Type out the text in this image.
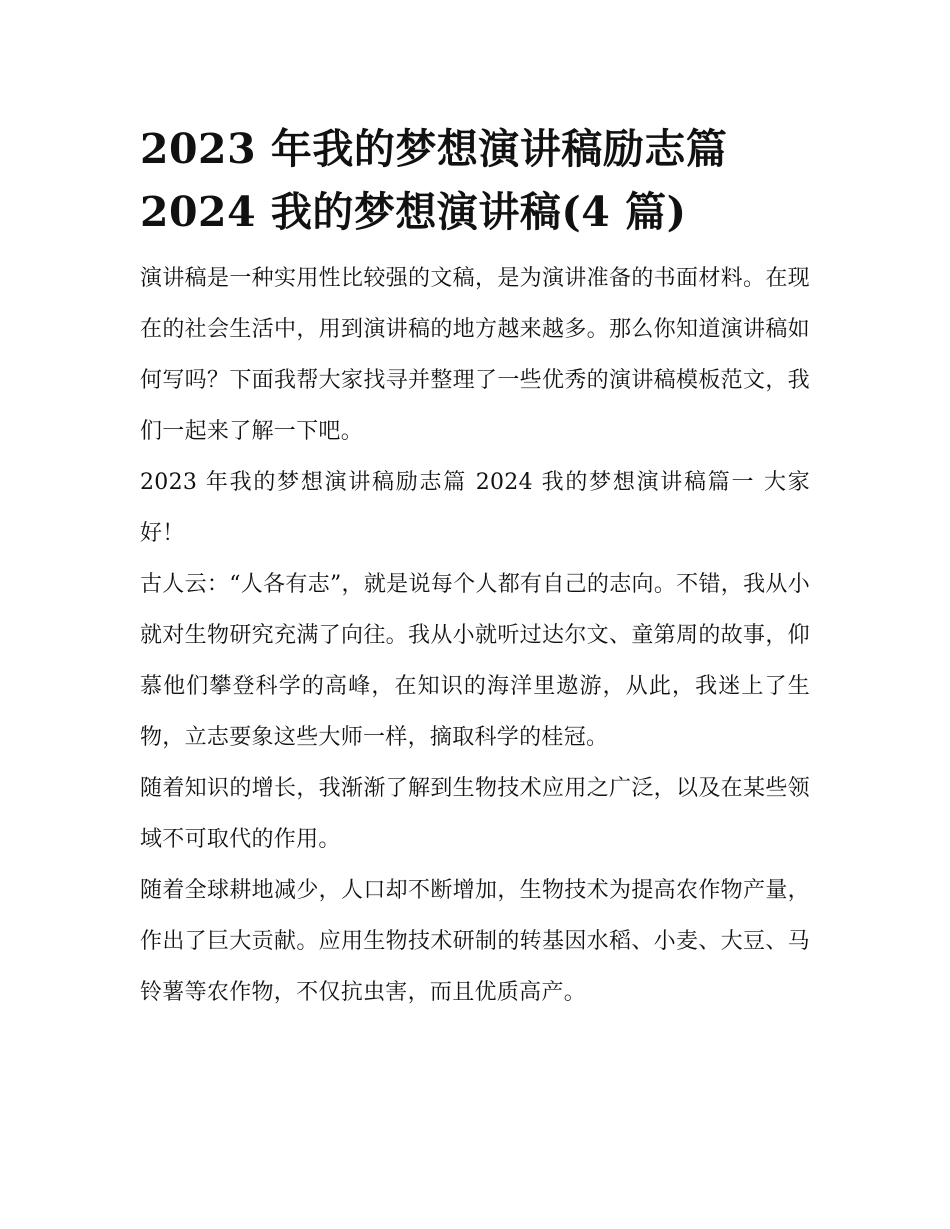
2023 年我的梦想演讲稿励志篇
2024 我的梦想演讲稿(4 篇)

演讲稿是一种实用性比较强的文稿，是为演讲准备的书面材料。在现在的社会生活中，用到演讲稿的地方越来越多。那么你知道演讲稿如何写吗？下面我帮大家找寻并整理了一些优秀的演讲稿模板范文，我们一起来了解一下吧。

2023 年我的梦想演讲稿励志篇 2024 我的梦想演讲稿篇一 大家好！

古人云：“人各有志”，就是说每个人都有自己的志向。不错，我从小就对生物研究充满了向往。我从小就听过达尔文、童第周的故事，仰慕他们攀登科学的高峰，在知识的海洋里遨游，从此，我迷上了生物，立志要象这些大师一样，摘取科学的桂冠。

随着知识的增长，我渐渐了解到生物技术应用之广泛，以及在某些领域不可取代的作用。

随着全球耕地减少，人口却不断增加，生物技术为提高农作物产量，作出了巨大贡献。应用生物技术研制的转基因水稻、小麦、大豆、马铃薯等农作物，不仅抗虫害，而且优质高产。
